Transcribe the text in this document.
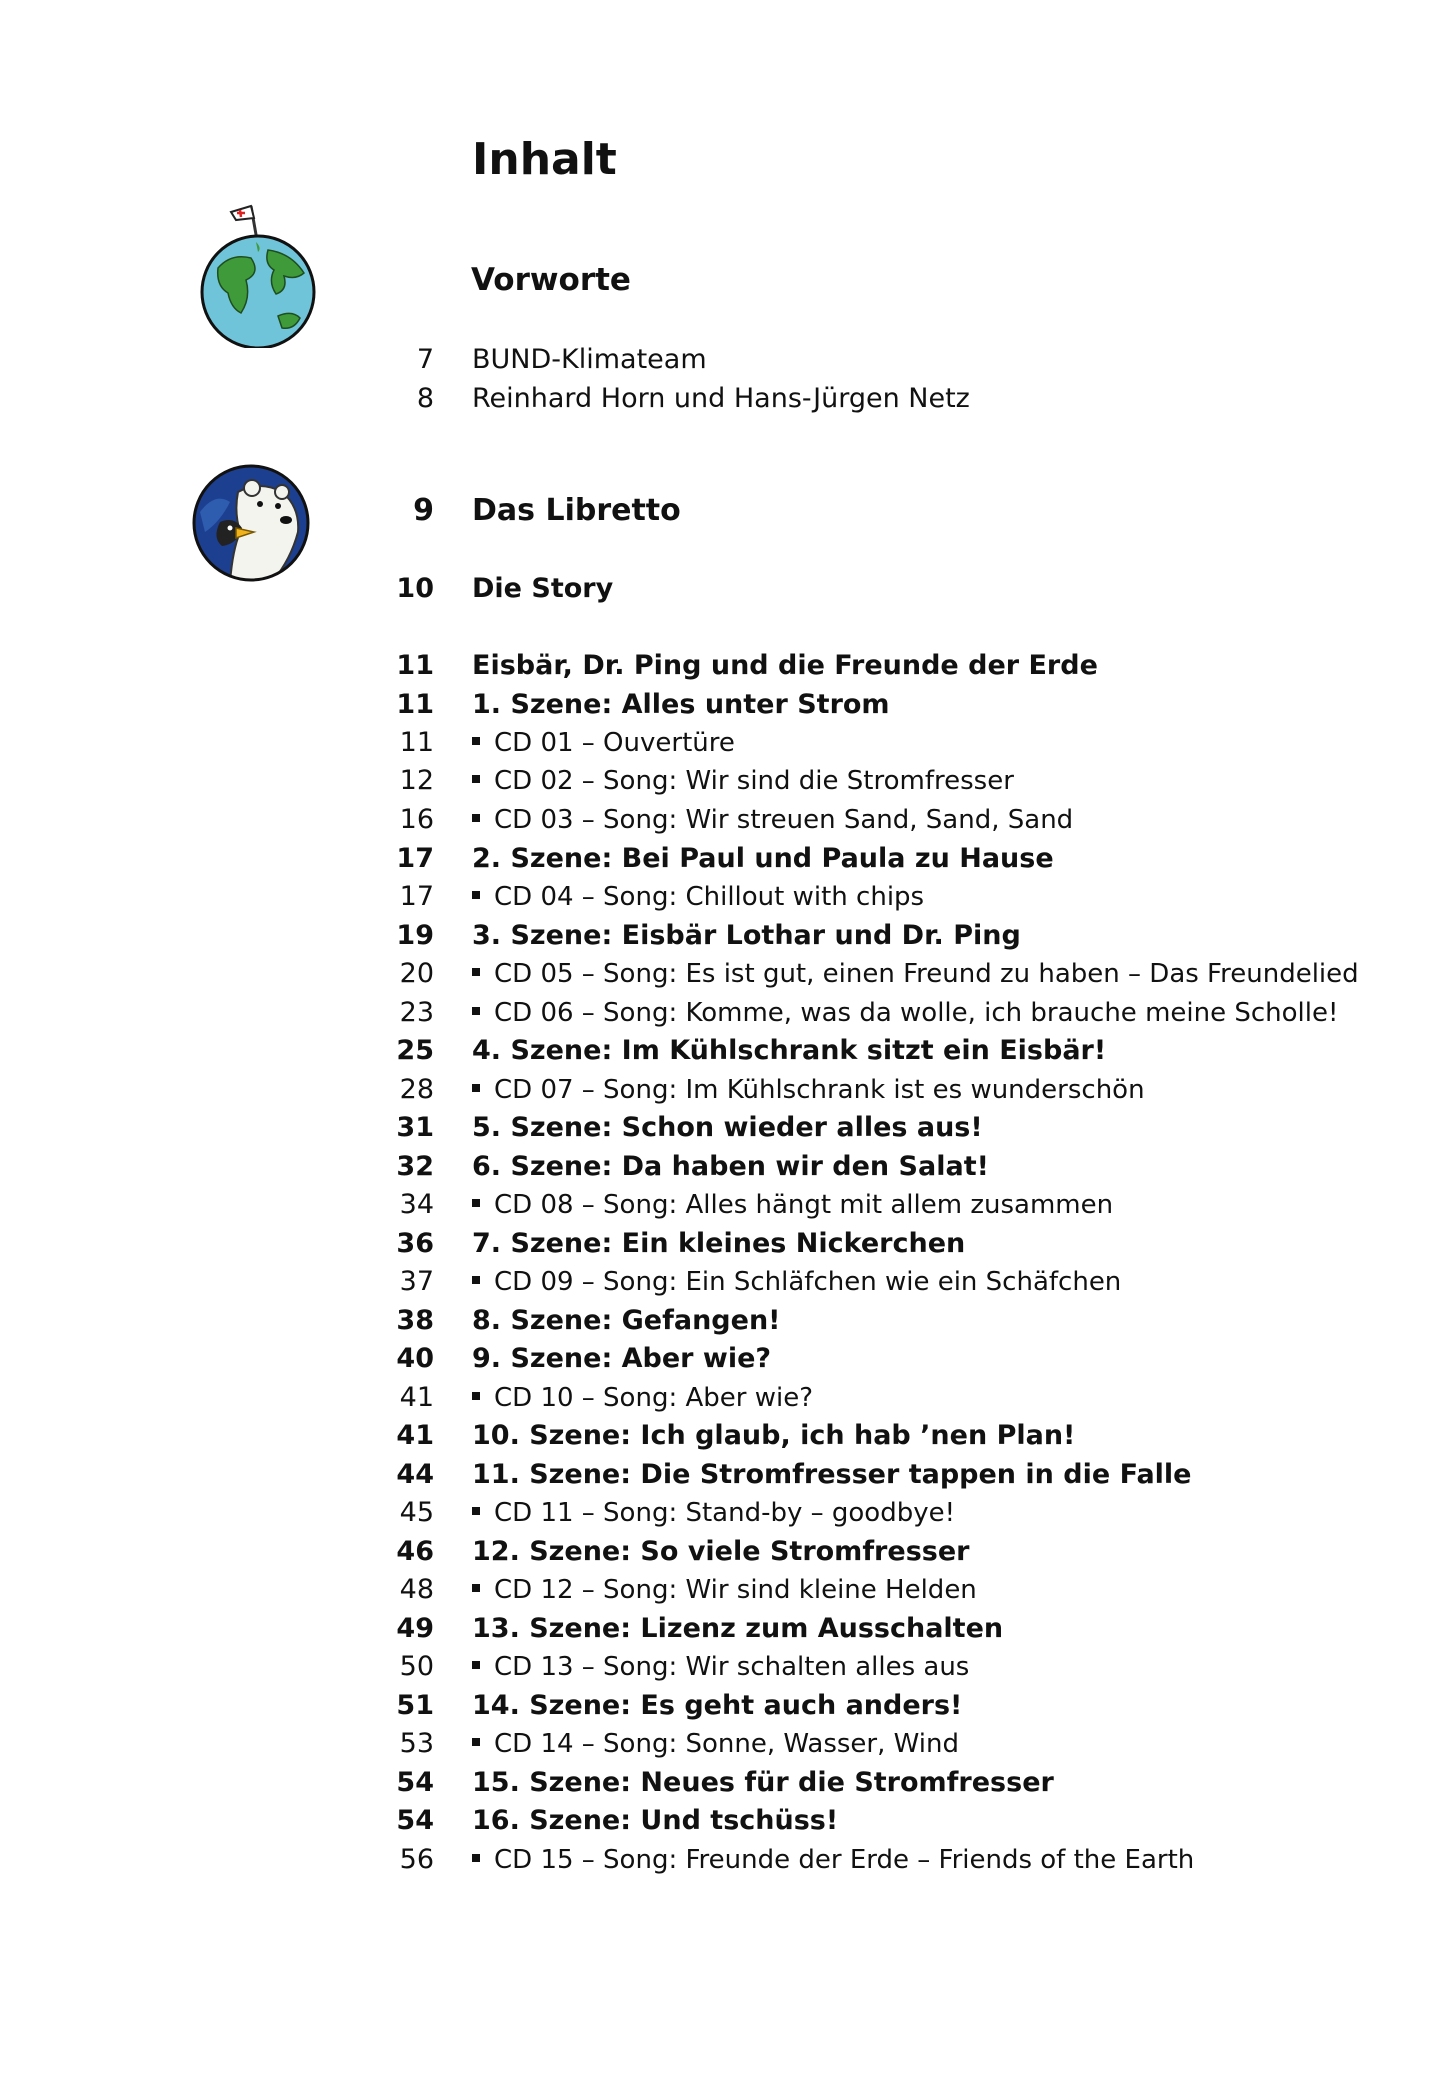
Inhalt
Vorworte
7 BUND-Klimateam
8 Reinhard Horn und Hans-Jürgen Netz
9 Das Libretto
10 Die Story
11 Eisbär, Dr. Ping und die Freunde der Erde
11 1. Szene: Alles unter Strom
11	CD 01 – Ouvertüre
12	CD 02 – Song: Wir sind die Stromfresser
16	CD 03 – Song: Wir streuen Sand, Sand, Sand
17 2. Szene: Bei Paul und Paula zu Hause
17	CD 04 – Song: Chillout with chips
19 3. Szene: Eisbär Lothar und Dr. Ping
20	CD 05 – Song: Es ist gut, einen Freund zu haben – Das Freundelied
23	CD 06 – Song: Komme, was da wolle, ich brauche meine Scholle!
25 4. Szene: Im Kühlschrank sitzt ein Eisbär!
28	CD 07 – Song: Im Kühlschrank ist es wunderschön
31 5. Szene: Schon wieder alles aus!
32 6. Szene: Da haben wir den Salat!
34	CD 08 – Song: Alles hängt mit allem zusammen
36 7. Szene: Ein kleines Nickerchen
37	CD 09 – Song: Ein Schläfchen wie ein Schäfchen
38 8. Szene: Gefangen!
40 9. Szene: Aber wie?
41	CD 10 – Song: Aber wie?
41 10. Szene: Ich glaub, ich hab ’nen Plan!
44 11. Szene: Die Stromfresser tappen in die Falle
45	CD 11 – Song: Stand-by – goodbye!
46 12. Szene: So viele Stromfresser
48	CD 12 – Song: Wir sind kleine Helden
49 13. Szene: Lizenz zum Ausschalten
50	CD 13 – Song: Wir schalten alles aus
51 14. Szene: Es geht auch anders!
53	CD 14 – Song: Sonne, Wasser, Wind
54 15. Szene: Neues für die Stromfresser
54 16. Szene: Und tschüss!
56	CD 15 – Song: Freunde der Erde – Friends of the Earth
